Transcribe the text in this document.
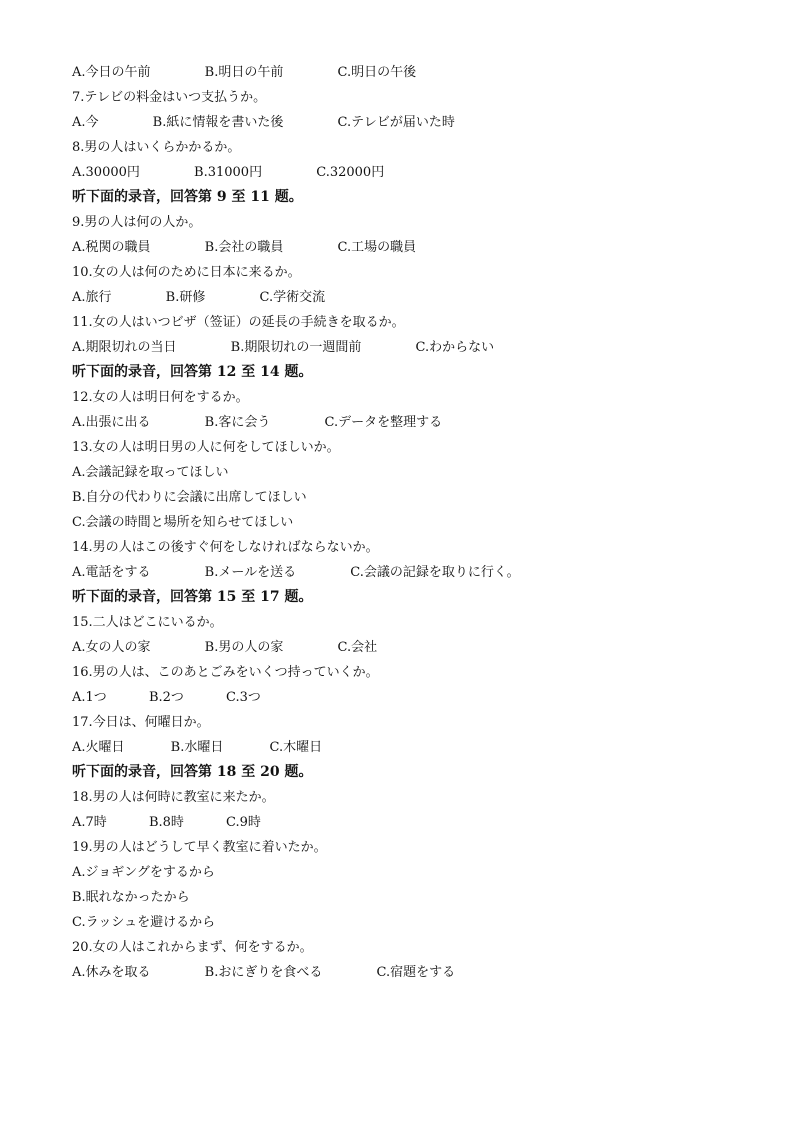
A.今日の午前	B.明日の午前	C.明日の午後
7.テレビの料金はいつ支払うか。
A.今	B.紙に情報を書いた後	C.テレビが届いた時
8.男の人はいくらかかるか。
A.30000円	B.31000円	C.32000円
听下面的录音，回答第 9 至 11 题。
9.男の人は何の人か。
A.税関の職員	B.会社の職員	C.工場の職員
10.女の人は何のために日本に来るか。
A.旅行	B.研修	C.学術交流
11.女の人はいつビザ（签证）の延長の手続きを取るか。
A.期限切れの当日	B.期限切れの一週間前	C.わからない
听下面的录音，回答第 12 至 14 题。
12.女の人は明日何をするか。
A.出張に出る	B.客に会う	C.データを整理する
13.女の人は明日男の人に何をしてほしいか。
A.会議記録を取ってほしい
B.自分の代わりに会議に出席してほしい
C.会議の時間と場所を知らせてほしい
14.男の人はこの後すぐ何をしなければならないか。
A.電話をする	B.メールを送る	C.会議の記録を取りに行く。
听下面的录音，回答第 15 至 17 题。
15.二人はどこにいるか。
A.女の人の家	B.男の人の家	C.会社
16.男の人は、このあとごみをいくつ持っていくか。
A.1つ	B.2つ	C.3つ
17.今日は、何曜日か。
A.火曜日	B.水曜日	C.木曜日
听下面的录音，回答第 18 至 20 题。
18.男の人は何時に教室に来たか。
A.7時	B.8時	C.9時
19.男の人はどうして早く教室に着いたか。
A.ジョギングをするから
B.眠れなかったから
C.ラッシュを避けるから
20.女の人はこれからまず、何をするか。
A.休みを取る	B.おにぎりを食べる	C.宿題をする
